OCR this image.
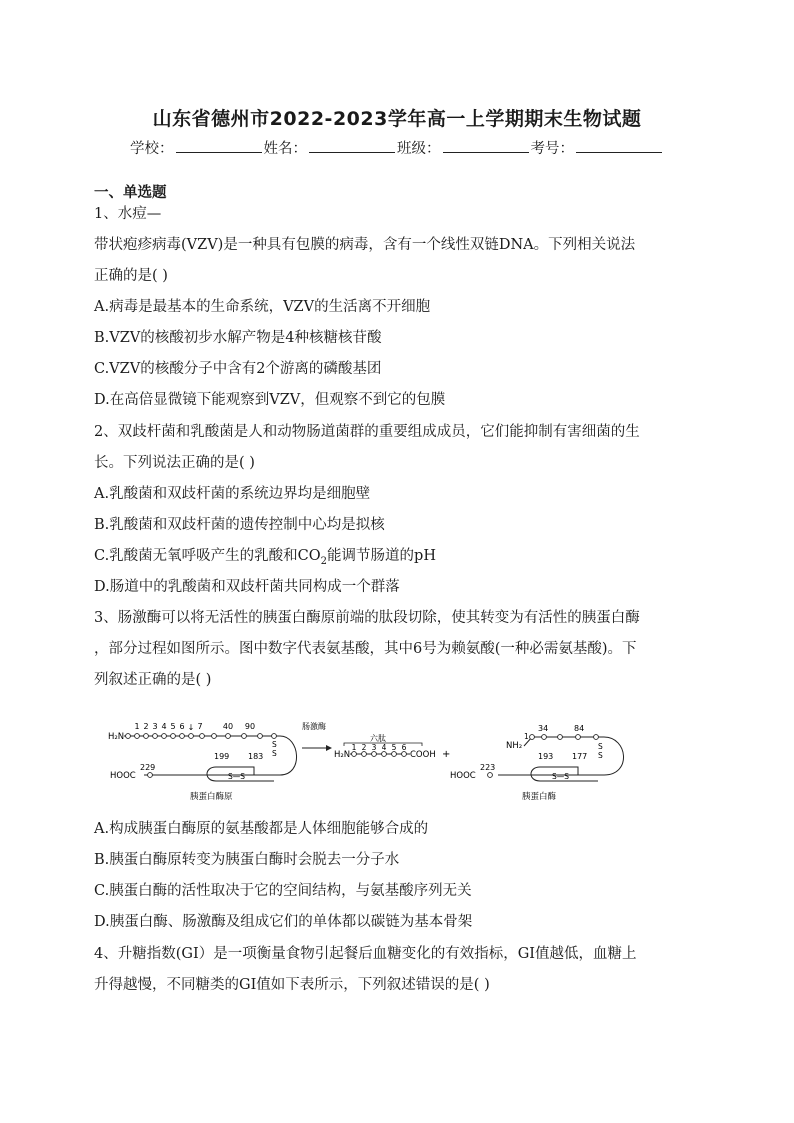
山东省德州市2022-2023学年高一上学期期末生物试题
学校：	姓名：	班级：	考号：
一、单选题
1、水痘—
带状疱疹病毒(VZV)是一种具有包膜的病毒，含有一个线性双链DNA。下列相关说法
正确的是( )
A.病毒是最基本的生命系统，VZV的生活离不开细胞
B.VZV的核酸初步水解产物是4种核糖核苷酸
C.VZV的核酸分子中含有2个游离的磷酸基团
D.在高倍显微镜下能观察到VZV，但观察不到它的包膜
2、双歧杆菌和乳酸菌是人和动物肠道菌群的重要组成成员，它们能抑制有害细菌的生
长。下列说法正确的是( )
A.乳酸菌和双歧杆菌的系统边界均是细胞壁
B.乳酸菌和双歧杆菌的遗传控制中心均是拟核
C.乳酸菌无氧呼吸产生的乳酸和$CO_2$能调节肠道的pH
D.肠道中的乳酸菌和双歧杆菌共同构成一个群落
3、肠激酶可以将无活性的胰蛋白酶原前端的肽段切除，使其转变为有活性的胰蛋白酶
，部分过程如图所示。图中数字代表氨基酸，其中6号为赖氨酸(一种必需氨基酸)。下
列叙述正确的是( )
H₂N
1 2 3 4 5 6 ↓ 7	40 90
199 183
S—S
S
S
229
HOOC
胰蛋白酶原
肠激酶
六肽
H₂N
1 2 3 4 5 6
COOH +
NH₂
1
34	84
S
S
193 177
S—S
223
HOOC
胰蛋白酶
A.构成胰蛋白酶原的氨基酸都是人体细胞能够合成的
B.胰蛋白酶原转变为胰蛋白酶时会脱去一分子水
C.胰蛋白酶的活性取决于它的空间结构，与氨基酸序列无关
D.胰蛋白酶、肠激酶及组成它们的单体都以碳链为基本骨架
4、升糖指数(GI）是一项衡量食物引起餐后血糖变化的有效指标，GI值越低，血糖上
升得越慢，不同糖类的GI值如下表所示，下列叙述错误的是( )
